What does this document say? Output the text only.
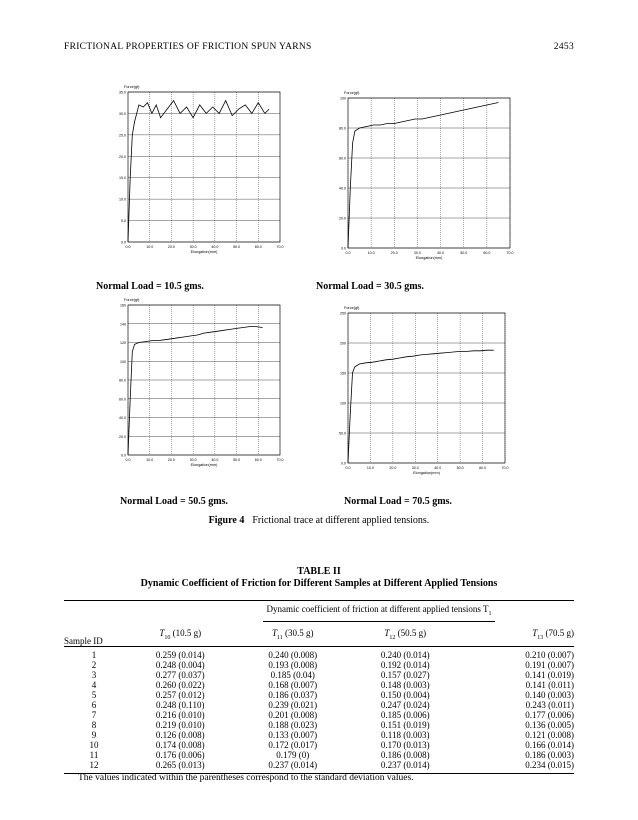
FRICTIONAL PROPERTIES OF FRICTION SPUN YARNS	2453
0.0
5.0
10.0
15.0
20.0
25.0
30.0
35.0
0.0	10.0	20.0	30.0	40.0	50.0	60.0	70.0
Force(gf)
Elongation(mm)
0.0
20.0
40.0
60.0
80.0
100
0.0	10.0	20.0	30.0	40.0	50.0	60.0	70.0
Force(gf)
Elongation(mm)
0.0
20.0
40.0
60.0
80.0
100
120
140
160
0.0	10.0	20.0	30.0	40.0	50.0	60.0	70.0
Force(gf)
Elongation(mm)	0.0
50.0
100
150
200
250
0.0	10.0	20.0	30.0	40.0	50.0	60.0	70.0
Force(gf)
Elongation(mm)
Normal Load = 10.5 gms.	Normal Load = 30.5 gms.
Normal Load = 50.5 gms.	Normal Load = 70.5 gms.
Figure 4 Frictional trace at different applied tensions.
TABLE II
Dynamic Coefficient of Friction for Different Samples at Different Applied Tensions
Sample ID	Dynamic coefficient of friction at different applied tensions $T_1$
	$T_{10}$ (10.5 g)	$T_{11}$ (30.5 g)	$T_{12}$ (50.5 g)	$T_{13}$ (70.5 g)
1	0.259 (0.014)	0.240 (0.008)	0.240 (0.014)	0.210 (0.007)
2	0.248 (0.004)	0.193 (0.008)	0.192 (0.014)	0.191 (0.007)
3	0.277 (0.037)	0.185 (0.04)	0.157 (0.027)	0.141 (0.019)
4	0.260 (0.022)	0.168 (0.007)	0.148 (0.003)	0.141 (0.011)
5	0.257 (0.012)	0.186 (0.037)	0.150 (0.004)	0.140 (0.003)
6	0.248 (0.110)	0.239 (0.021)	0.247 (0.024)	0.243 (0.011)
7	0.216 (0.010)	0.201 (0.008)	0.185 (0.006)	0.177 (0.006)
8	0.219 (0.010)	0.188 (0.023)	0.151 (0.019)	0.136 (0.005)
9	0.126 (0.008)	0.133 (0.007)	0.118 (0.003)	0.121 (0.008)
10	0.174 (0.008)	0.172 (0.017)	0.170 (0.013)	0.166 (0.014)
11	0.176 (0.006)	0.179 (0)	0.186 (0.008)	0.186 (0.003)
12	0.265 (0.013)	0.237 (0.014)	0.237 (0.014)	0.234 (0.015)
The values indicated within the parentheses correspond to the standard deviation values.
